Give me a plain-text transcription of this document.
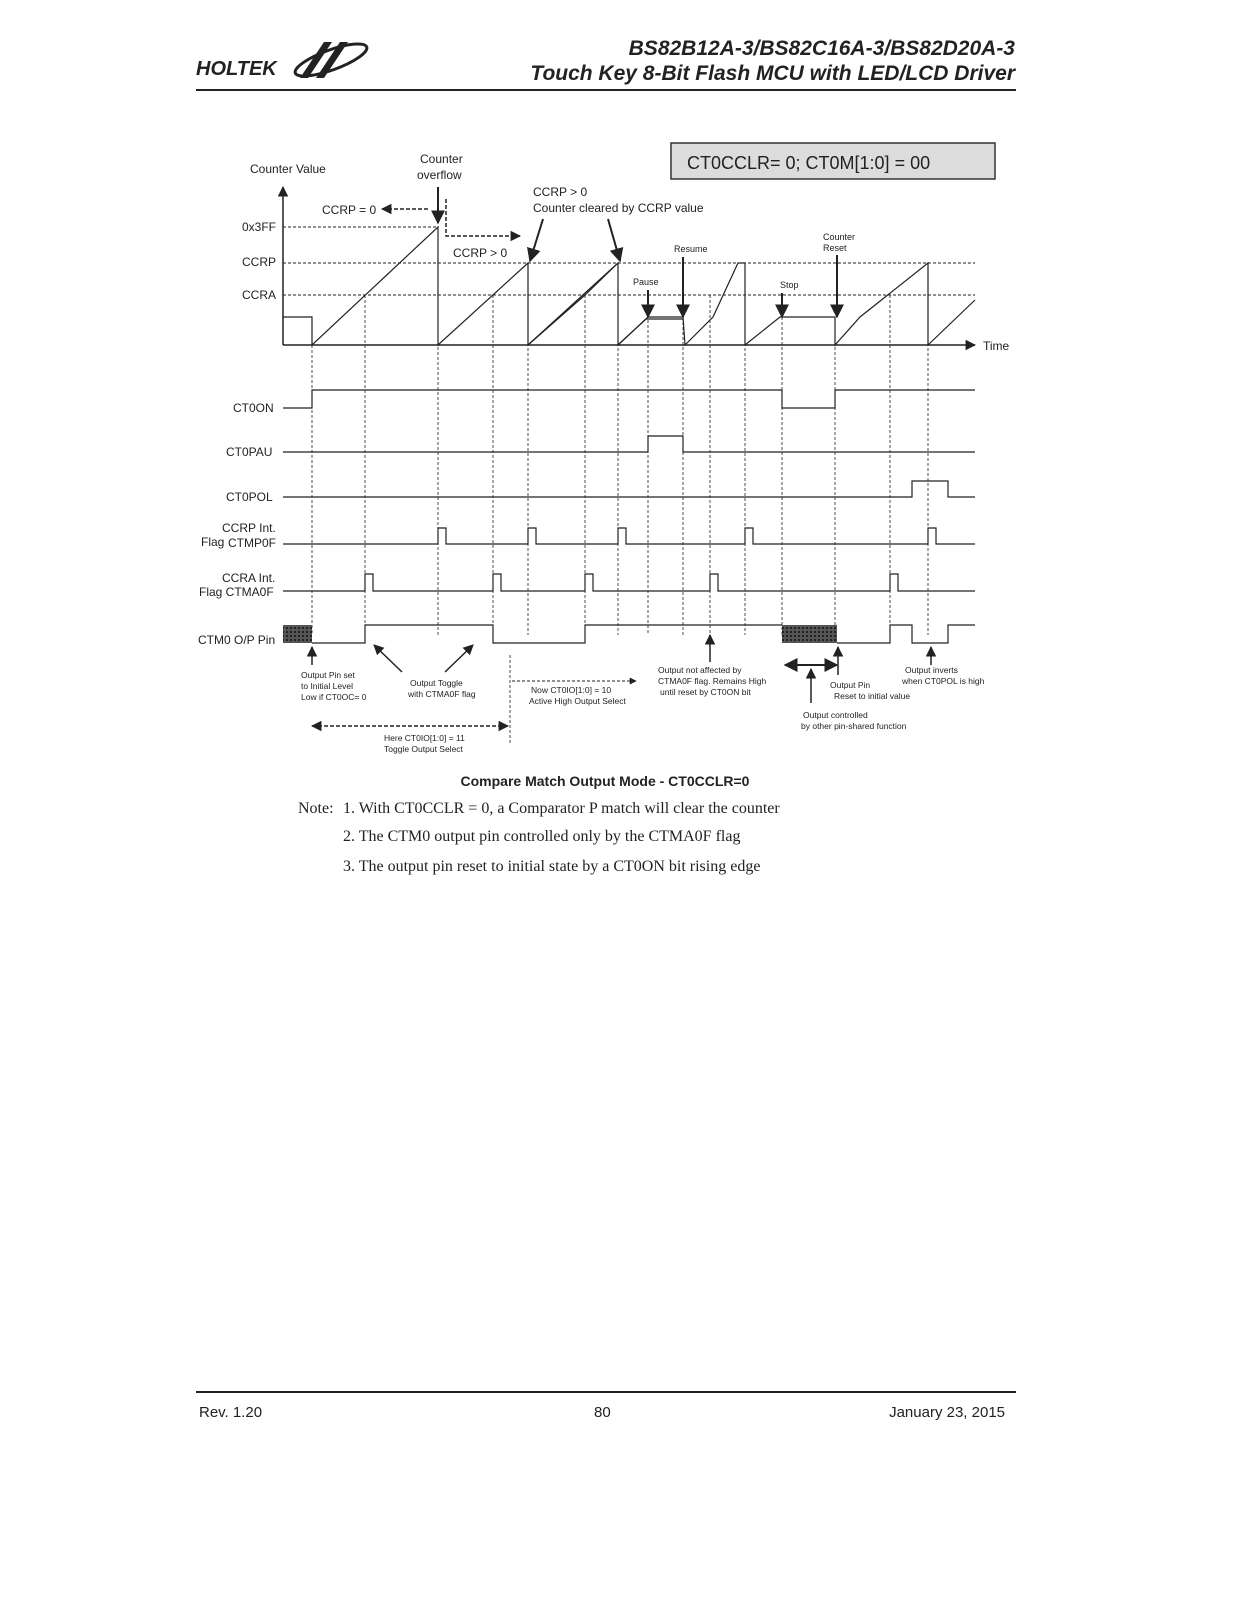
HOLTEK
BS82B12A-3/BS82C16A-3/BS82D20A-3
Touch Key 8-Bit Flash MCU with LED/LCD Driver
CT0CCLR= 0; CT0M[1:0] = 00
Counter Value
Time
0x3FF
CCRP
CCRA
CT0ON
CT0PAU
CT0POL
CCRP Int.
Flag CTMP0F
CCRA Int.
Flag CTMA0F
CTM0 O/P Pin
Counter
overflow
CCRP = 0
CCRP > 0
CCRP > 0
Counter cleared by CCRP value
Resume
Pause	Stop
Counter
Reset
Output Pin set
to Initial Level
Low if CT0OC= 0
Output Toggle
with CTMA0F flag	Now CT0IO[1:0] = 10
Active High Output Select
Output not affected by
CTMA0F flag. Remains High
until reset by CT0ON bit
Output controlled
by other pin-shared function
Output Pin
Reset to initial value
Output inverts
when CT0POL is high
Here CT0IO[1:0] = 11
Toggle Output Select
Compare Match Output Mode - CT0CCLR=0
Note: 1. With CT0CCLR = 0, a Comparator P match will clear the counter
2. The CTM0 output pin controlled only by the CTMA0F flag
3. The output pin reset to initial state by a CT0ON bit rising edge
Rev. 1.20	80	January 23, 2015
